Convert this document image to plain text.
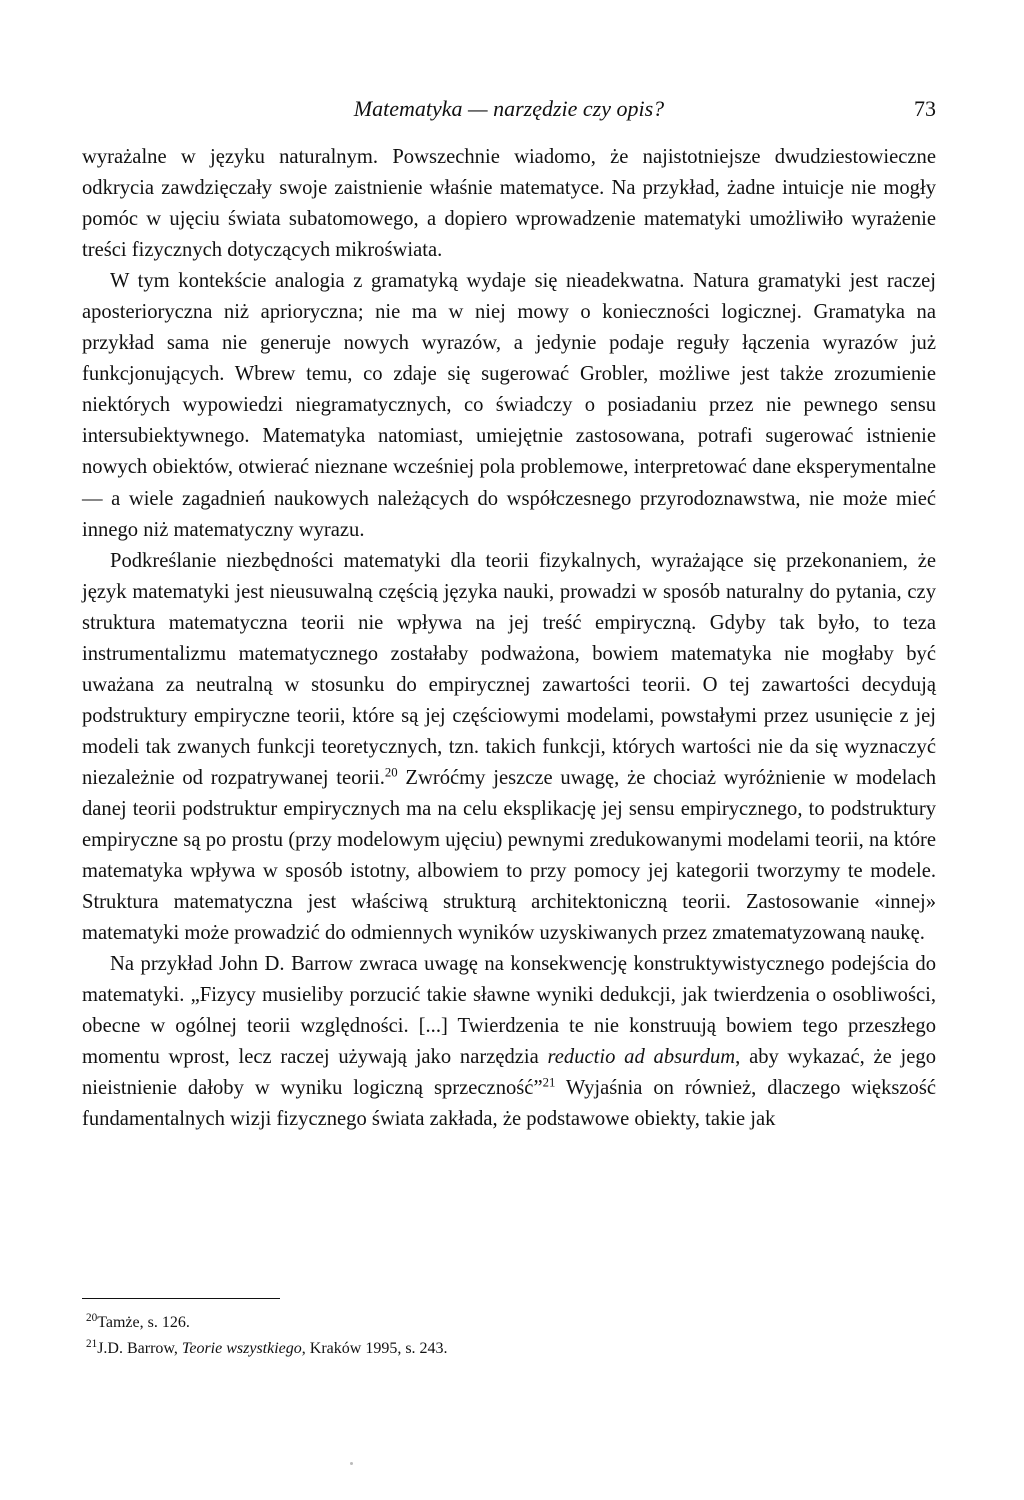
Matematyka — narzędzie czy opis?	73

wyrażalne w języku naturalnym. Powszechnie wiadomo, że najistotniejsze dwudziestowieczne odkrycia zawdzięczały swoje zaistnienie właśnie matematyce. Na przykład, żadne intuicje nie mogły pomóc w ujęciu świata subatomowego, a dopiero wprowadzenie matematyki umożliwiło wyrażenie treści fizycznych dotyczących mikroświata.

W tym kontekście analogia z gramatyką wydaje się nieadekwatna. Natura gramatyki jest raczej aposterioryczna niż aprioryczna; nie ma w niej mowy o konieczności logicznej. Gramatyka na przykład sama nie generuje nowych wyrazów, a jedynie podaje reguły łączenia wyrazów już funkcjonujących. Wbrew temu, co zdaje się sugerować Grobler, możliwe jest także zrozumienie niektórych wypowiedzi niegramatycznych, co świadczy o posiadaniu przez nie pewnego sensu intersubiektywnego. Matematyka natomiast, umiejętnie zastosowana, potrafi sugerować istnienie nowych obiektów, otwierać nieznane wcześniej pola problemowe, interpretować dane eksperymentalne — a wiele zagadnień naukowych należących do współczesnego przyrodoznawstwa, nie może mieć innego niż matematyczny wyrazu.

Podkreślanie niezbędności matematyki dla teorii fizykalnych, wyrażające się przekonaniem, że język matematyki jest nieusuwalną częścią języka nauki, prowadzi w sposób naturalny do pytania, czy struktura matematyczna teorii nie wpływa na jej treść empiryczną. Gdyby tak było, to teza instrumentalizmu matematycznego zostałaby podważona, bowiem matematyka nie mogłaby być uważana za neutralną w stosunku do empirycznej zawartości teorii. O tej zawartości decydują podstruktury empiryczne teorii, które są jej częściowymi modelami, powstałymi przez usunięcie z jej modeli tak zwanych funkcji teoretycznych, tzn. takich funkcji, których wartości nie da się wyznaczyć niezależnie od rozpatrywanej teorii.$^{20}$ Zwróćmy jeszcze uwagę, że chociaż wyróżnienie w modelach danej teorii podstruktur empirycznych ma na celu eksplikację jej sensu empirycznego, to podstruktury empiryczne są po prostu (przy modelowym ujęciu) pewnymi zredukowanymi modelami teorii, na które matematyka wpływa w sposób istotny, albowiem to przy pomocy jej kategorii tworzymy te modele. Struktura matematyczna jest właściwą strukturą architektoniczną teorii. Zastosowanie «innej» matematyki może prowadzić do odmiennych wyników uzyskiwanych przez zmatematyzowaną naukę.

Na przykład John D. Barrow zwraca uwagę na konsekwencję konstruktywistycznego podejścia do matematyki. „Fizycy musieliby porzucić takie sławne wyniki dedukcji, jak twierdzenia o osobliwości, obecne w ogólnej teorii względności. [...] Twierdzenia te nie konstruują bowiem tego przeszłego momentu wprost, lecz raczej używają jako narzędzia reductio ad absurdum, aby wykazać, że jego nieistnienie dałoby w wyniku logiczną sprzeczność”$^{21}$ Wyjaśnia on również, dlaczego większość fundamentalnych wizji fizycznego świata zakłada, że podstawowe obiekty, takie jak

$^{20}$Tamże, s. 126.
$^{21}$J.D. Barrow, Teorie wszystkiego, Kraków 1995, s. 243.
